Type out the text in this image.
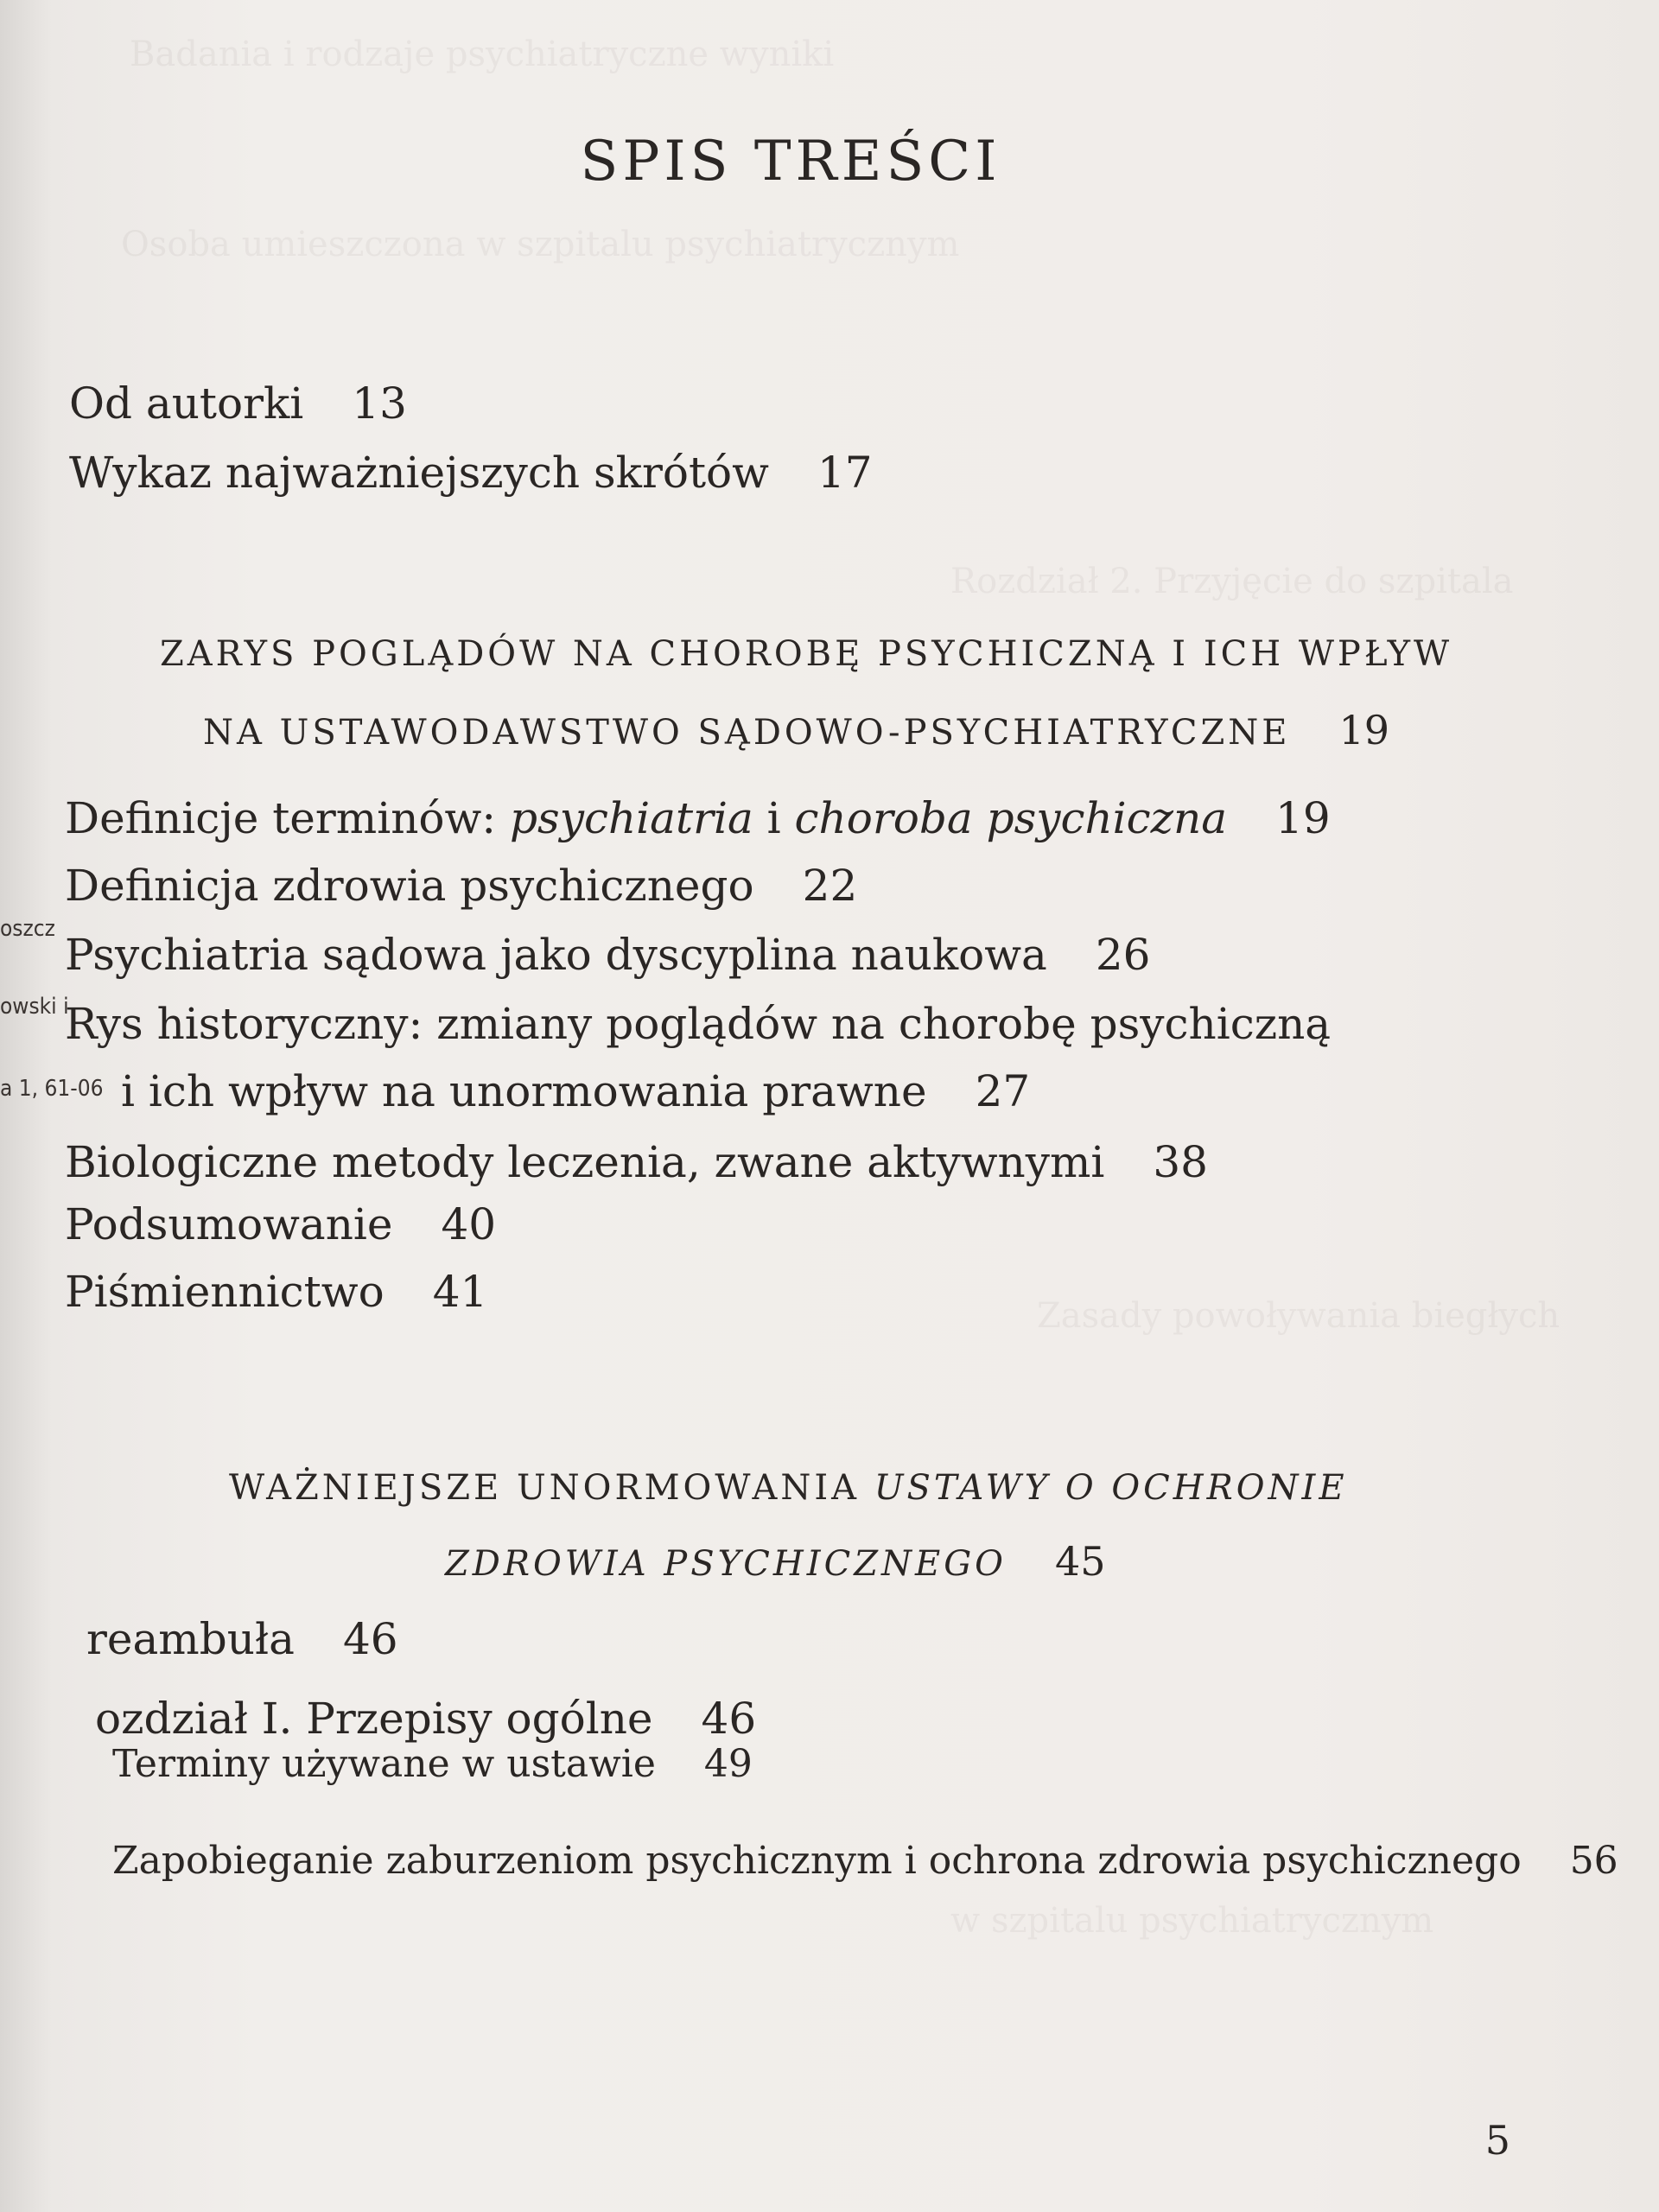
Badania i rodzaje psychiatryczne wyniki
Osoba umieszczona w szpitalu psychiatrycznym
Rozdział 2. Przyjęcie do szpitala
Zasady powoływania biegłych
w szpitalu psychiatrycznym
oszcz
owski i
a 1, 61-06
SPIS TREŚCI
Od autorki 13
Wykaz najważniejszych skrótów 17
ZARYS POGLĄDÓW NA CHOROBĘ PSYCHICZNĄ I ICH WPŁYW
NA USTAWODAWSTWO SĄDOWO-PSYCHIATRYCZNE 19
Definicje terminów: psychiatria i choroba psychiczna 19
Definicja zdrowia psychicznego 22
Psychiatria sądowa jako dyscyplina naukowa 26
Rys historyczny: zmiany poglądów na chorobę psychiczną
i ich wpływ na unormowania prawne 27
Biologiczne metody leczenia, zwane aktywnymi 38
Podsumowanie 40
Piśmiennictwo 41
WAŻNIEJSZE UNORMOWANIA USTAWY O OCHRONIE
ZDROWIA PSYCHICZNEGO 45
reambuła 46
ozdział I. Przepisy ogólne 46
Terminy używane w ustawie 49
Zapobieganie zaburzeniom psychicznym i ochrona zdrowia psychicznego 56
5
